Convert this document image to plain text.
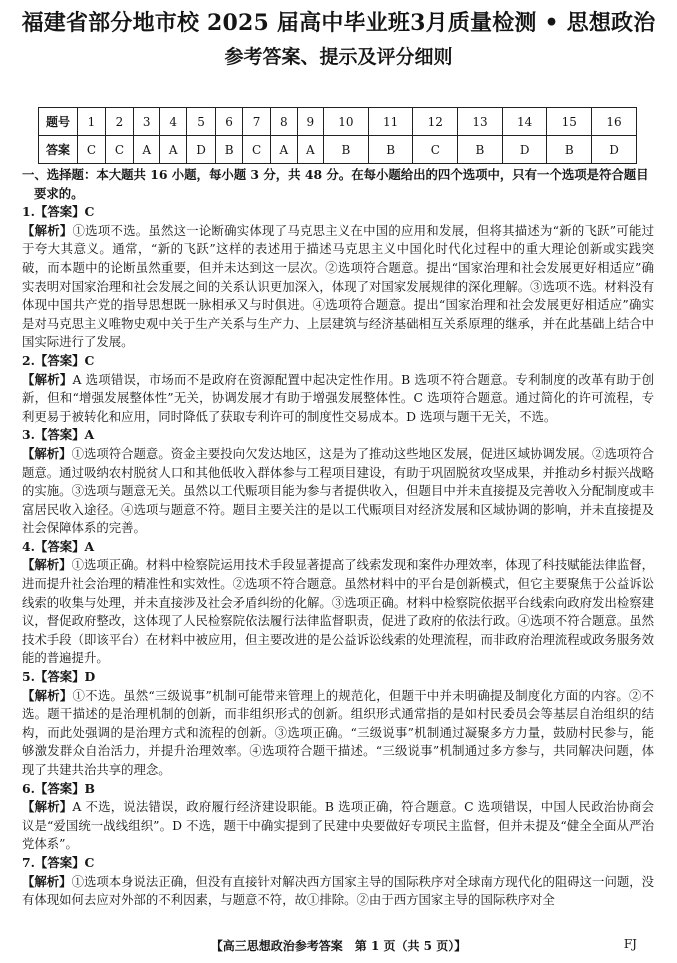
福建省部分地市校 2025 届高中毕业班3月质量检测 • 思想政治
参考答案、提示及评分细则
题号	1	2	3	4	5	6	7	8	9	10	11	12	13	14	15	16
答案	C	C	A	A	D	B	C	A	A	B	B	C	B	D	B	D
一、选择题：本大题共 16 小题，每小题 3 分，共 48 分。在每小题给出的四个选项中，只有一个选项是符合题目要求的。
1.【答案】C
【解析】①选项不选。虽然这一论断确实体现了马克思主义在中国的应用和发展，但将其描述为“新的飞跃”可能过于夸大其意义。通常，“新的飞跃”这样的表述用于描述马克思主义中国化时代化过程中的重大理论创新或实践突破，而本题中的论断虽然重要，但并未达到这一层次。②选项符合题意。提出“国家治理和社会发展更好相适应”确实表明对国家治理和社会发展之间的关系认识更加深入，体现了对国家发展规律的深化理解。③选项不选。材料没有体现中国共产党的指导思想既一脉相承又与时俱进。④选项符合题意。提出“国家治理和社会发展更好相适应”确实是对马克思主义唯物史观中关于生产关系与生产力、上层建筑与经济基础相互关系原理的继承，并在此基础上结合中国实际进行了发展。
2.【答案】C
【解析】A 选项错误，市场而不是政府在资源配置中起决定性作用。B 选项不符合题意。专利制度的改革有助于创新，但和“增强发展整体性”无关，协调发展才有助于增强发展整体性。C 选项符合题意。通过简化的许可流程，专利更易于被转化和应用，同时降低了获取专利许可的制度性交易成本。D 选项与题干无关，不选。
3.【答案】A
【解析】①选项符合题意。资金主要投向欠发达地区，这是为了推动这些地区发展，促进区域协调发展。②选项符合题意。通过吸纳农村脱贫人口和其他低收入群体参与工程项目建设，有助于巩固脱贫攻坚成果，并推动乡村振兴战略的实施。③选项与题意无关。虽然以工代赈项目能为参与者提供收入，但题目中并未直接提及完善收入分配制度或丰富居民收入途径。④选项与题意不符。题目主要关注的是以工代赈项目对经济发展和区域协调的影响，并未直接提及社会保障体系的完善。
4.【答案】A
【解析】①选项正确。材料中检察院运用技术手段显著提高了线索发现和案件办理效率，体现了科技赋能法律监督，进而提升社会治理的精准性和实效性。②选项不符合题意。虽然材料中的平台是创新模式，但它主要聚焦于公益诉讼线索的收集与处理，并未直接涉及社会矛盾纠纷的化解。③选项正确。材料中检察院依据平台线索向政府发出检察建议，督促政府整改，这体现了人民检察院依法履行法律监督职责，促进了政府的依法行政。④选项不符合题意。虽然技术手段（即该平台）在材料中被应用，但主要改进的是公益诉讼线索的处理流程，而非政府治理流程或政务服务效能的普遍提升。
5.【答案】D
【解析】①不选。虽然“三级说事”机制可能带来管理上的规范化，但题干中并未明确提及制度化方面的内容。②不选。题干描述的是治理机制的创新，而非组织形式的创新。组织形式通常指的是如村民委员会等基层自治组织的结构，而此处强调的是治理方式和流程的创新。③选项正确。“三级说事”机制通过凝聚多方力量，鼓励村民参与，能够激发群众自治活力，并提升治理效率。④选项符合题干描述。“三级说事”机制通过多方参与，共同解决问题，体现了共建共治共享的理念。
6.【答案】B
【解析】A 不选，说法错误，政府履行经济建设职能。B 选项正确，符合题意。C 选项错误，中国人民政治协商会议是“爱国统一战线组织”。D 不选，题干中确实提到了民建中央要做好专项民主监督，但并未提及“健全全面从严治党体系”。
7.【答案】C
【解析】①选项本身说法正确，但没有直接针对解决西方国家主导的国际秩序对全球南方现代化的阻碍这一问题，没有体现如何去应对外部的不利因素，与题意不符，故①排除。②由于西方国家主导的国际秩序对全
【高三思想政治参考答案　第 1 页（共 5 页）】	FJ
